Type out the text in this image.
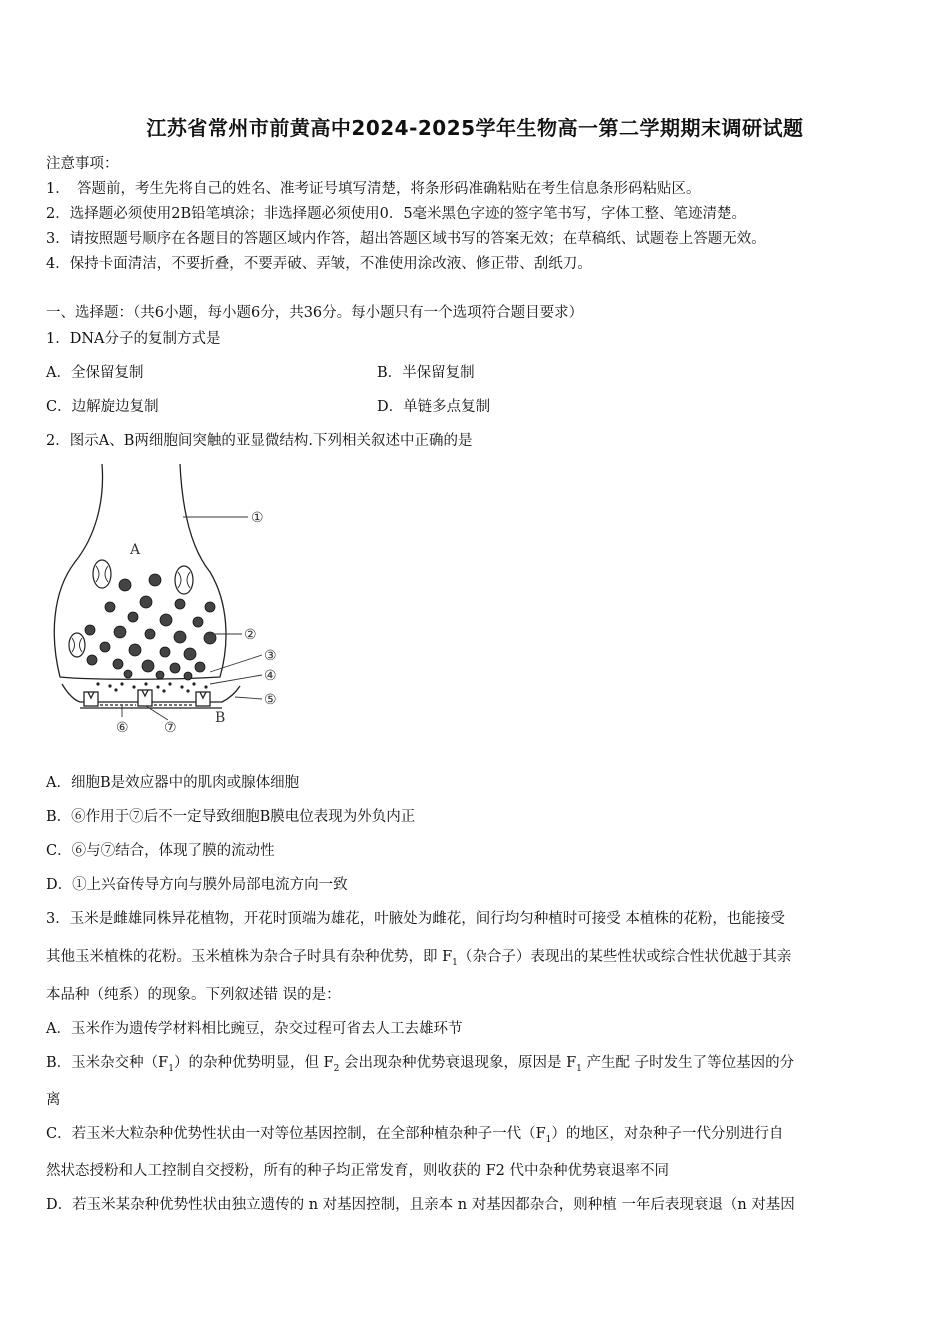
江苏省常州市前黄高中2024-2025学年生物高一第二学期期末调研试题
注意事项：
1．　答题前，考生先将自己的姓名、准考证号填写清楚，将条形码准确粘贴在考生信息条形码粘贴区。
2．选择题必须使用2B铅笔填涂；非选择题必须使用0．5毫米黑色字迹的签字笔书写，字体工整、笔迹清楚。
3．请按照题号顺序在各题目的答题区域内作答，超出答题区域书写的答案无效；在草稿纸、试题卷上答题无效。
4．保持卡面清洁，不要折叠，不要弄破、弄皱，不准使用涂改液、修正带、刮纸刀。
一、选择题：（共6小题，每小题6分，共36分。每小题只有一个选项符合题目要求）
1．DNA分子的复制方式是
A．全保留复制	B．半保留复制
C．边解旋边复制	D．单链多点复制
2．图示A、B两细胞间突触的亚显微结构.下列相关叙述中正确的是
A
B
①
②
③
④
⑤
⑥	⑦
A．细胞B是效应器中的肌肉或腺体细胞
B．⑥作用于⑦后不一定导致细胞B膜电位表现为外负内正
C．⑥与⑦结合，体现了膜的流动性
D．①上兴奋传导方向与膜外局部电流方向一致
3．玉米是雌雄同株异花植物，开花时顶端为雄花，叶腋处为雌花，间行均匀种植时可接受 本植株的花粉，也能接受
其他玉米植株的花粉。玉米植株为杂合子时具有杂种优势，即 $F_1$（杂合子）表现出的某些性状或综合性状优越于其亲
本品种（纯系）的现象。下列叙述错 误的是：
A．玉米作为遗传学材料相比豌豆，杂交过程可省去人工去雄环节
B．玉米杂交种$(F_1)$的杂种优势明显，但 $F_2$ 会出现杂种优势衰退现象，原因是 $F_1$ 产生配 子时发生了等位基因的分
离
C．若玉米大粒杂种优势性状由一对等位基因控制，在全部种植杂种子一代$(F_1)$的地区，对杂种子一代分别进行自
然状态授粉和人工控制自交授粉，所有的种子均正常发育，则收获的 F2 代中杂种优势衰退率不同
D．若玉米某杂种优势性状由独立遗传的 n 对基因控制，且亲本 n 对基因都杂合，则种植 一年后表现衰退（n 对基因
